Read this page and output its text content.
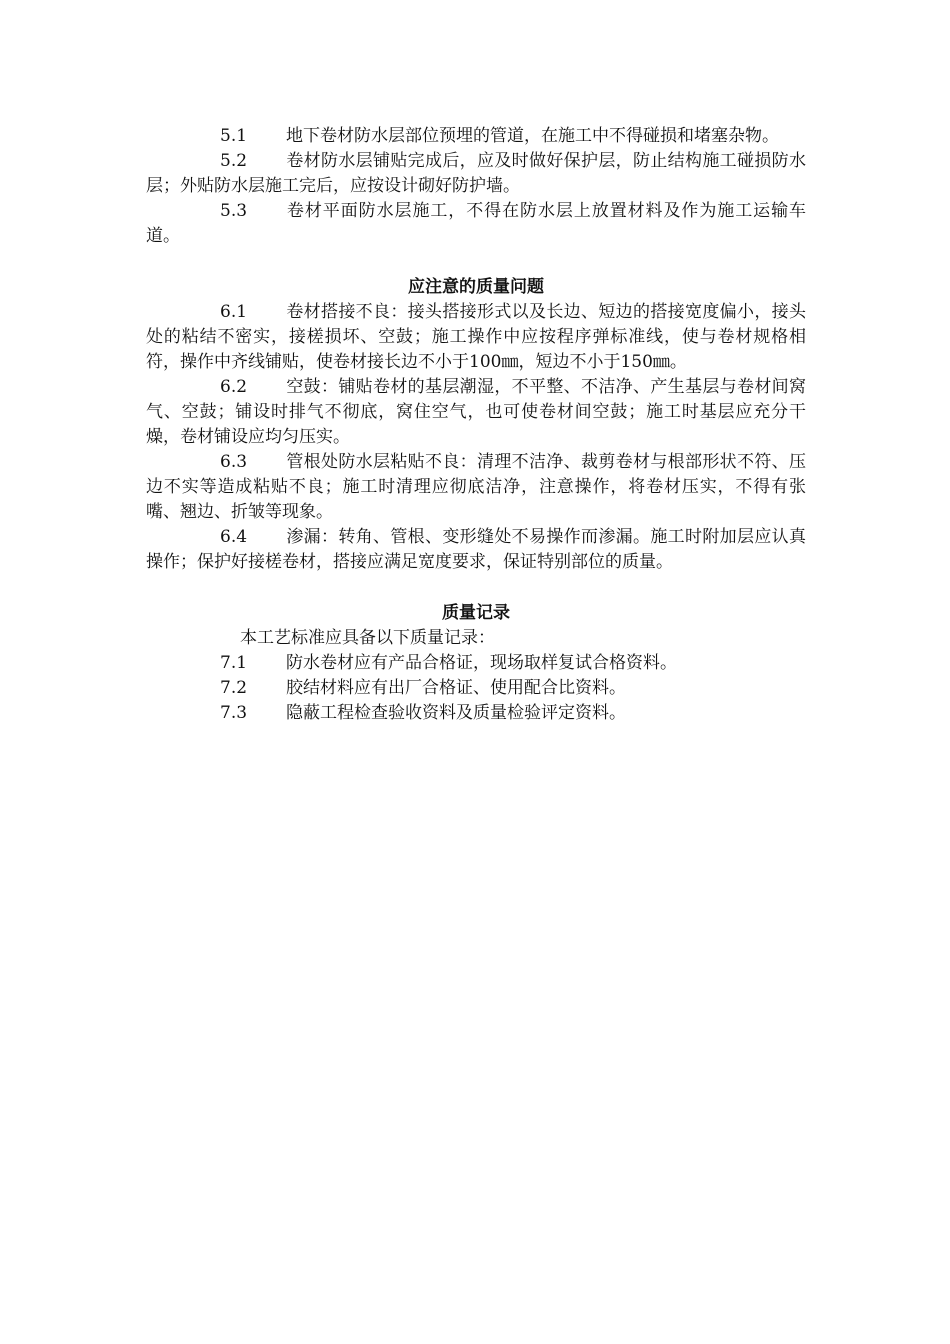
5.1 地下卷材防水层部位预埋的管道，在施工中不得碰损和堵塞杂物。

5.2 卷材防水层铺贴完成后，应及时做好保护层，防止结构施工碰损防水层；外贴防水层施工完后，应按设计砌好防护墙。

5.3 卷材平面防水层施工，不得在防水层上放置材料及作为施工运输车道。

应注意的质量问题

6.1 卷材搭接不良：接头搭接形式以及长边、短边的搭接宽度偏小，接头处的粘结不密实，接槎损坏、空鼓；施工操作中应按程序弹标准线，使与卷材规格相符，操作中齐线铺贴，使卷材接长边不小于100㎜，短边不小于150㎜。

6.2 空鼓：铺贴卷材的基层潮湿，不平整、不洁净、产生基层与卷材间窝气、空鼓；铺设时排气不彻底，窝住空气，也可使卷材间空鼓；施工时基层应充分干燥，卷材铺设应均匀压实。

6.3 管根处防水层粘贴不良：清理不洁净、裁剪卷材与根部形状不符、压边不实等造成粘贴不良；施工时清理应彻底洁净，注意操作，将卷材压实，不得有张嘴、翘边、折皱等现象。

6.4 渗漏：转角、管根、变形缝处不易操作而渗漏。施工时附加层应认真操作；保护好接槎卷材，搭接应满足宽度要求，保证特别部位的质量。

质量记录

本工艺标准应具备以下质量记录：

7.1 防水卷材应有产品合格证，现场取样复试合格资料。

7.2 胶结材料应有出厂合格证、使用配合比资料。

7.3 隐蔽工程检查验收资料及质量检验评定资料。
